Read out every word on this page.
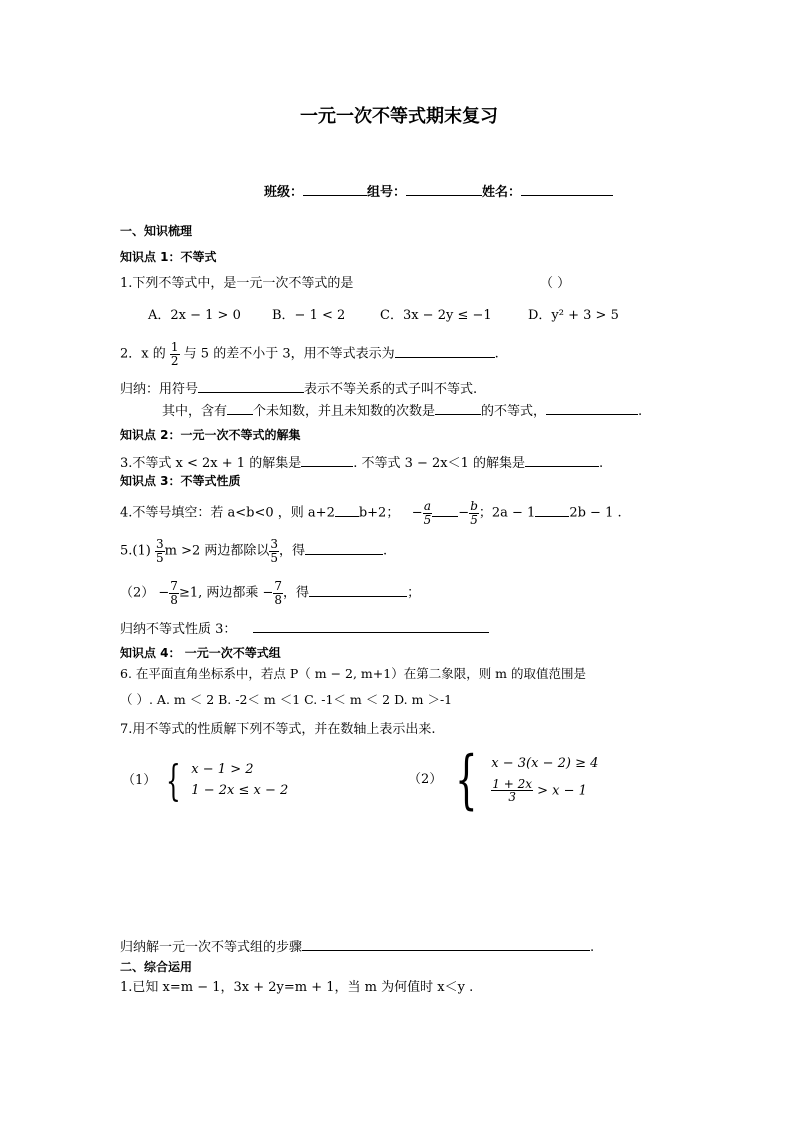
一元一次不等式期末复习
班级：	组号：	姓名：
一、知识梳理
知识点 1：不等式
1.下列不等式中，是一元一次不等式的是	（ ）
A．2x − 1 > 0 B．− 1 < 2	C．3x − 2y ≤ −1	D．y² + 3 > 5
2．x 的 $\frac{1}{2}$ 与 5 的差不小于 3，用不等式表示为	.
归纳：用符号	表示不等关系的式子叫不等式.
其中，含有 个未知数，并且未知数的次数是	的不等式，	.
知识点 2：一元一次不等式的解集
3.不等式 x < 2x + 1 的解集是	. 不等式 3 − 2x＜1 的解集是	.
知识点 3：不等式性质
4.不等号填空：若 a<b<0 ，则 a+2 b+2；   − $\frac{a}{5} - \frac{b}{5}$ ；2a − 1	2b − 1 .
$5.(1) \frac{3}{5}$ m >2 两边都除以 $\frac{3}{5}$ ，得	.
$(2) - \frac{7}{8} \ge 1$, 两边都乘 − $\frac{7}{8}$ ，得	；
归纳不等式性质 3：
知识点 4： 一元一次不等式组
6. 在平面直角坐标系中，若点 P（ m − 2, m+1）在第二象限，则 m 的取值范围是
（ ）. A. m ＜ 2 B. -2＜ m ＜1 C. -1＜ m ＜ 2 D. m ＞-1
7.用不等式的性质解下列不等式，并在数轴上表示出来.
（1） { x − 1 > 2
1 − 2x ≤ x − 2
（2） { x − 3(x − 2) ≥ 4
$\frac{1 + 2x}{3} > x - 1$
归纳解一元一次不等式组的步骤	.
二、综合运用
1.已知 x=m − 1，3x + 2y=m + 1，当 m 为何值时 x＜y .
